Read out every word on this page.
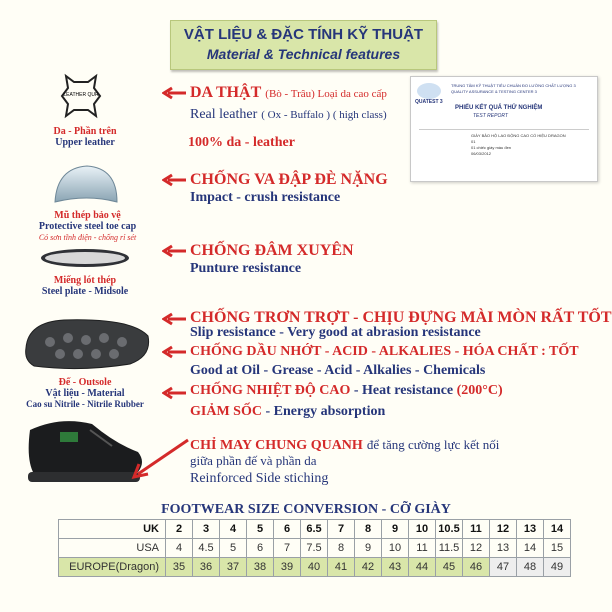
VẬT LIỆU & ĐẶC TÍNH KỸ THUẬT
Material & Technical features
LEATHER QUR
Da - Phần trên
Upper leather
Mũ thép bảo vệ
Protective steel toe cap
Có sơn tĩnh điện - chống rỉ sét
Miếng lót thép
Steel plate - Midsole
Đế - Outsole
Vật liệu - Material
Cao su Nitrile - Nitrile Rubber
DA THẬT (Bò - Trâu) Loại da cao cấp
Real leather ( Ox - Buffalo ) ( high class)
100% da - leather
CHỐNG VA ĐẬP ĐÈ NẶNG
Impact - crush resistance
CHỐNG ĐÂM XUYÊN
Punture resistance
CHỐNG TRƠN TRỢT - CHỊU ĐỰNG MÀI MÒN RẤT TỐT
Slip resistance - Very good at abrasion resistance
CHỐNG DẦU NHỚT - ACID - ALKALIES - HÓA CHẤT : TỐT
Good at Oil - Grease - Acid - Alkalies - Chemicals
CHỐNG NHIỆT ĐỘ CAO - Heat resistance (200°C)
GIẢM SỐC - Energy absorption
CHỈ MAY CHUNG QUANH để tăng cường lực kết nối
giữa phần đế và phần da
Reinforced Side stiching
QUATEST 3
TRUNG TÂM KỸ THUẬT TIÊU CHUẨN ĐO LƯỜNG CHẤT LƯỢNG 3
QUALITY ASSURANCE & TESTING CENTER 3
PHIẾU KẾT QUẢ THỬ NGHIỆM
TEST REPORT
GIÀY BẢO HỘ LAO ĐỘNG CAO CỔ HIỆU DRAGON
01
01 chiếc giày màu đen
06/03/2012
FOOTWEAR SIZE CONVERSION - CỠ GIÀY
UK	2	3	4	5	6	6.5	7	8	9	10	10.5	11	12	13	14
USA	4	4.5	5	6	7	7.5	8	9	10	11	11.5	12	13	14	15
EUROPE(Dragon)	35	36	37	38	39	40	41	42	43	44	45	46	47	48	49
